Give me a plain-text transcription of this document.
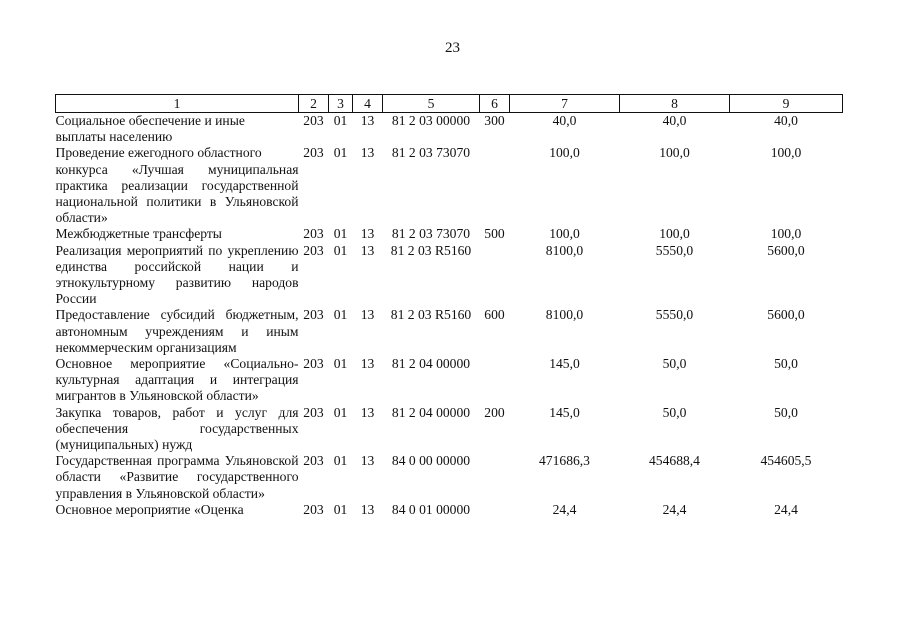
23
1	2	3	4	5	6	7	8	9
Социальное обеспечение и иные
выплаты населению	203	01	13	81 2 03 00000	300	40,0	40,0	40,0
Проведение ежегодного областного
конкурса «Лучшая муниципальная практика реализации государственной национальной политики в Ульяновской области»	203	01	13	81 2 03 73070		100,0	100,0	100,0
Межбюджетные трансферты	203	01	13	81 2 03 73070	500	100,0	100,0	100,0
Реализация мероприятий по укреплению единства российской нации и этнокультурному развитию народов России	203	01	13	81 2 03 R5160		8100,0	5550,0	5600,0
Предоставление субсидий бюджетным, автономным учреждениям и иным некоммерческим организациям	203	01	13	81 2 03 R5160	600	8100,0	5550,0	5600,0
Основное мероприятие «Социально-культурная адаптация и интеграция мигрантов в Ульяновской области»	203	01	13	81 2 04 00000		145,0	50,0	50,0
Закупка товаров, работ и услуг для обеспечения государственных (муниципальных) нужд	203	01	13	81 2 04 00000	200	145,0	50,0	50,0
Государственная программа Ульяновской области «Развитие государственного управления в Ульяновской области»	203	01	13	84 0 00 00000		471686,3	454688,4	454605,5
Основное мероприятие «Оценка	203	01	13	84 0 01 00000		24,4	24,4	24,4
